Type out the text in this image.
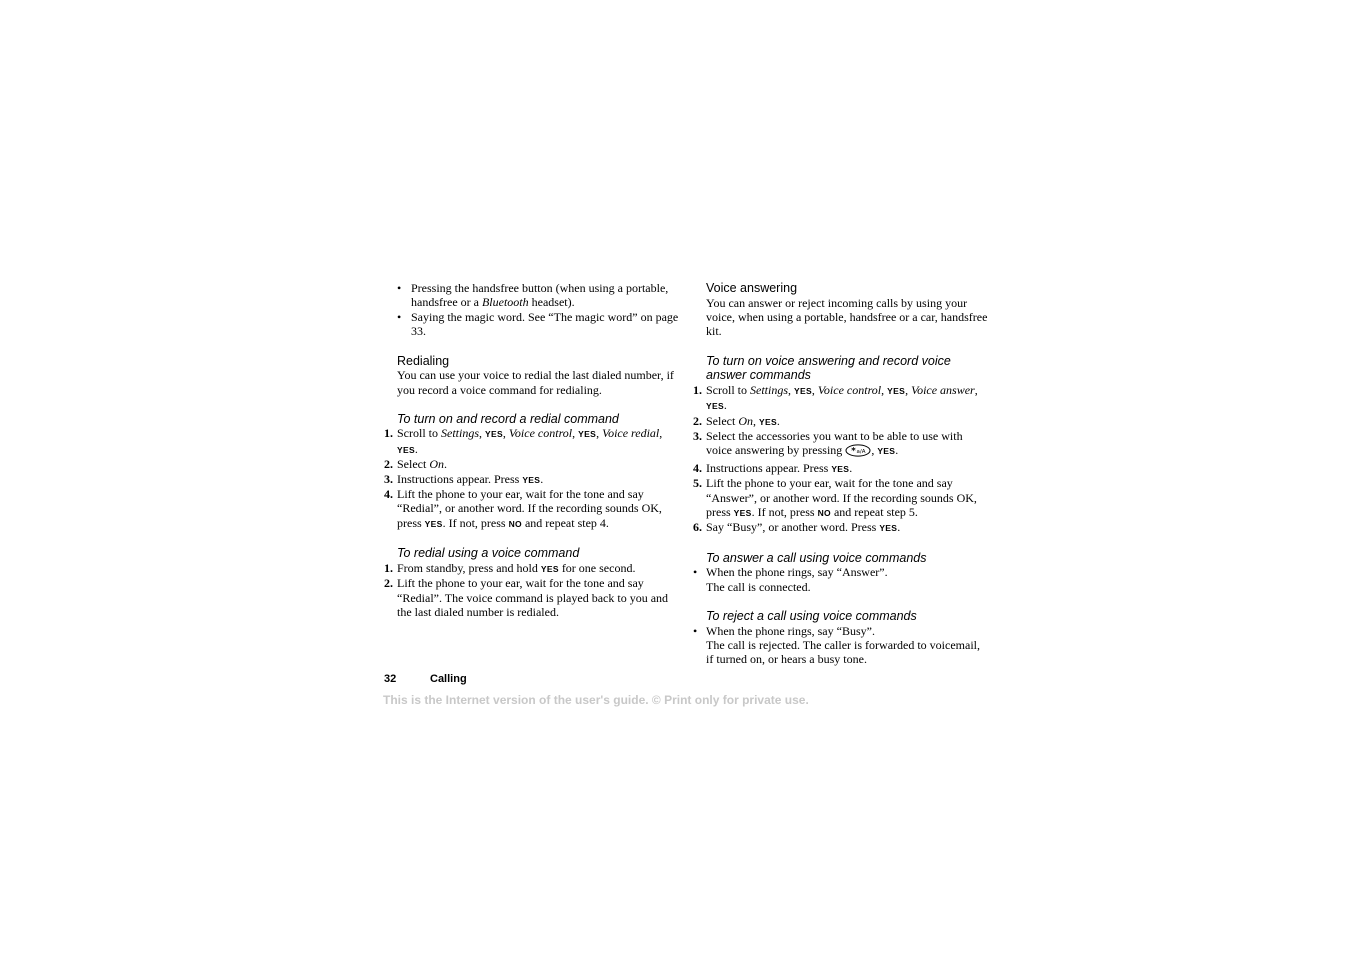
• Pressing the handsfree button (when using a portable, handsfree or a Bluetooth headset).
• Saying the magic word. See “The magic word” on page 33.
Redialing
You can use your voice to redial the last dialed number, if you record a voice command for redialing.
To turn on and record a redial command
1. Scroll to Settings, YES, Voice control, YES, Voice redial, YES.
2. Select On.
3. Instructions appear. Press YES.
4. Lift the phone to your ear, wait for the tone and say “Redial”, or another word. If the recording sounds OK, press YES. If not, press NO and repeat step 4.
To redial using a voice command
1. From standby, press and hold YES for one second.
2. Lift the phone to your ear, wait for the tone and say “Redial”. The voice command is played back to you and the last dialed number is redialed.
Voice answering
You can answer or reject incoming calls by using your voice, when using a portable, handsfree or a car, handsfree kit.
To turn on voice answering and record voice answer commands
1. Scroll to Settings, YES, Voice control, YES, Voice answer, YES.
2. Select On, YES.
3. Select the accessories you want to be able to use with voice answering by pressing * a/A , YES.
4. Instructions appear. Press YES.
5. Lift the phone to your ear, wait for the tone and say “Answer”, or another word. If the recording sounds OK, press YES. If not, press NO and repeat step 5.
6. Say “Busy”, or another word. Press YES.
To answer a call using voice commands
• When the phone rings, say “Answer”.
The call is connected.
To reject a call using voice commands
• When the phone rings, say “Busy”.
The call is rejected. The caller is forwarded to voicemail, if turned on, or hears a busy tone.
32	Calling
This is the Internet version of the user's guide. © Print only for private use.
